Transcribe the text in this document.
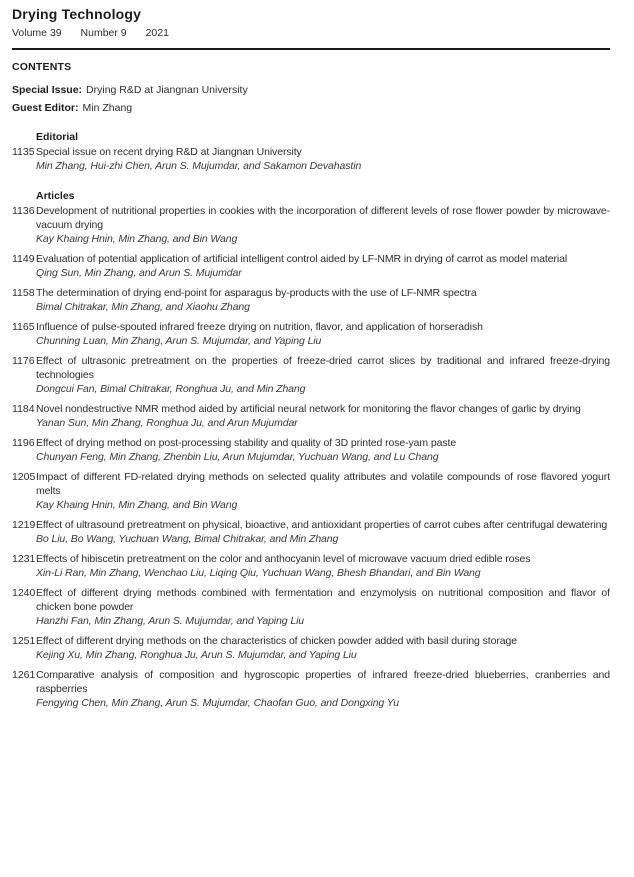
Drying Technology
Volume 39 Number 9 2021
CONTENTS
Special Issue: Drying R&D at Jiangnan University
Guest Editor: Min Zhang
Editorial
1135 Special issue on recent drying R&D at Jiangnan University
Min Zhang, Hui-zhi Chen, Arun S. Mujumdar, and Sakamon Devahastin
Articles
1136 Development of nutritional properties in cookies with the incorporation of different levels of rose flower powder by microwave-vacuum drying
Kay Khaing Hnin, Min Zhang, and Bin Wang
1149 Evaluation of potential application of artificial intelligent control aided by LF-NMR in drying of carrot as model material
Qing Sun, Min Zhang, and Arun S. Mujumdar
1158 The determination of drying end-point for asparagus by-products with the use of LF-NMR spectra
Bimal Chitrakar, Min Zhang, and Xiaohu Zhang
1165 Influence of pulse-spouted infrared freeze drying on nutrition, flavor, and application of horseradish
Chunning Luan, Min Zhang, Arun S. Mujumdar, and Yaping Liu
1176 Effect of ultrasonic pretreatment on the properties of freeze-dried carrot slices by traditional and infrared freeze-drying technologies
Dongcui Fan, Bimal Chitrakar, Ronghua Ju, and Min Zhang
1184 Novel nondestructive NMR method aided by artificial neural network for monitoring the flavor changes of garlic by drying
Yanan Sun, Min Zhang, Ronghua Ju, and Arun Mujumdar
1196 Effect of drying method on post-processing stability and quality of 3D printed rose-yam paste
Chunyan Feng, Min Zhang, Zhenbin Liu, Arun Mujumdar, Yuchuan Wang, and Lu Chang
1205 Impact of different FD-related drying methods on selected quality attributes and volatile compounds of rose flavored yogurt melts
Kay Khaing Hnin, Min Zhang, and Bin Wang
1219 Effect of ultrasound pretreatment on physical, bioactive, and antioxidant properties of carrot cubes after centrifugal dewatering
Bo Liu, Bo Wang, Yuchuan Wang, Bimal Chitrakar, and Min Zhang
1231 Effects of hibiscetin pretreatment on the color and anthocyanin level of microwave vacuum dried edible roses
Xin-Li Ran, Min Zhang, Wenchao Liu, Liqing Qiu, Yuchuan Wang, Bhesh Bhandari, and Bin Wang
1240 Effect of different drying methods combined with fermentation and enzymolysis on nutritional composition and flavor of chicken bone powder
Hanzhi Fan, Min Zhang, Arun S. Mujumdar, and Yaping Liu
1251 Effect of different drying methods on the characteristics of chicken powder added with basil during storage
Kejing Xu, Min Zhang, Ronghua Ju, Arun S. Mujumdar, and Yaping Liu
1261 Comparative analysis of composition and hygroscopic properties of infrared freeze-dried blueberries, cranberries and raspberries
Fengying Chen, Min Zhang, Arun S. Mujumdar, Chaofan Guo, and Dongxing Yu
